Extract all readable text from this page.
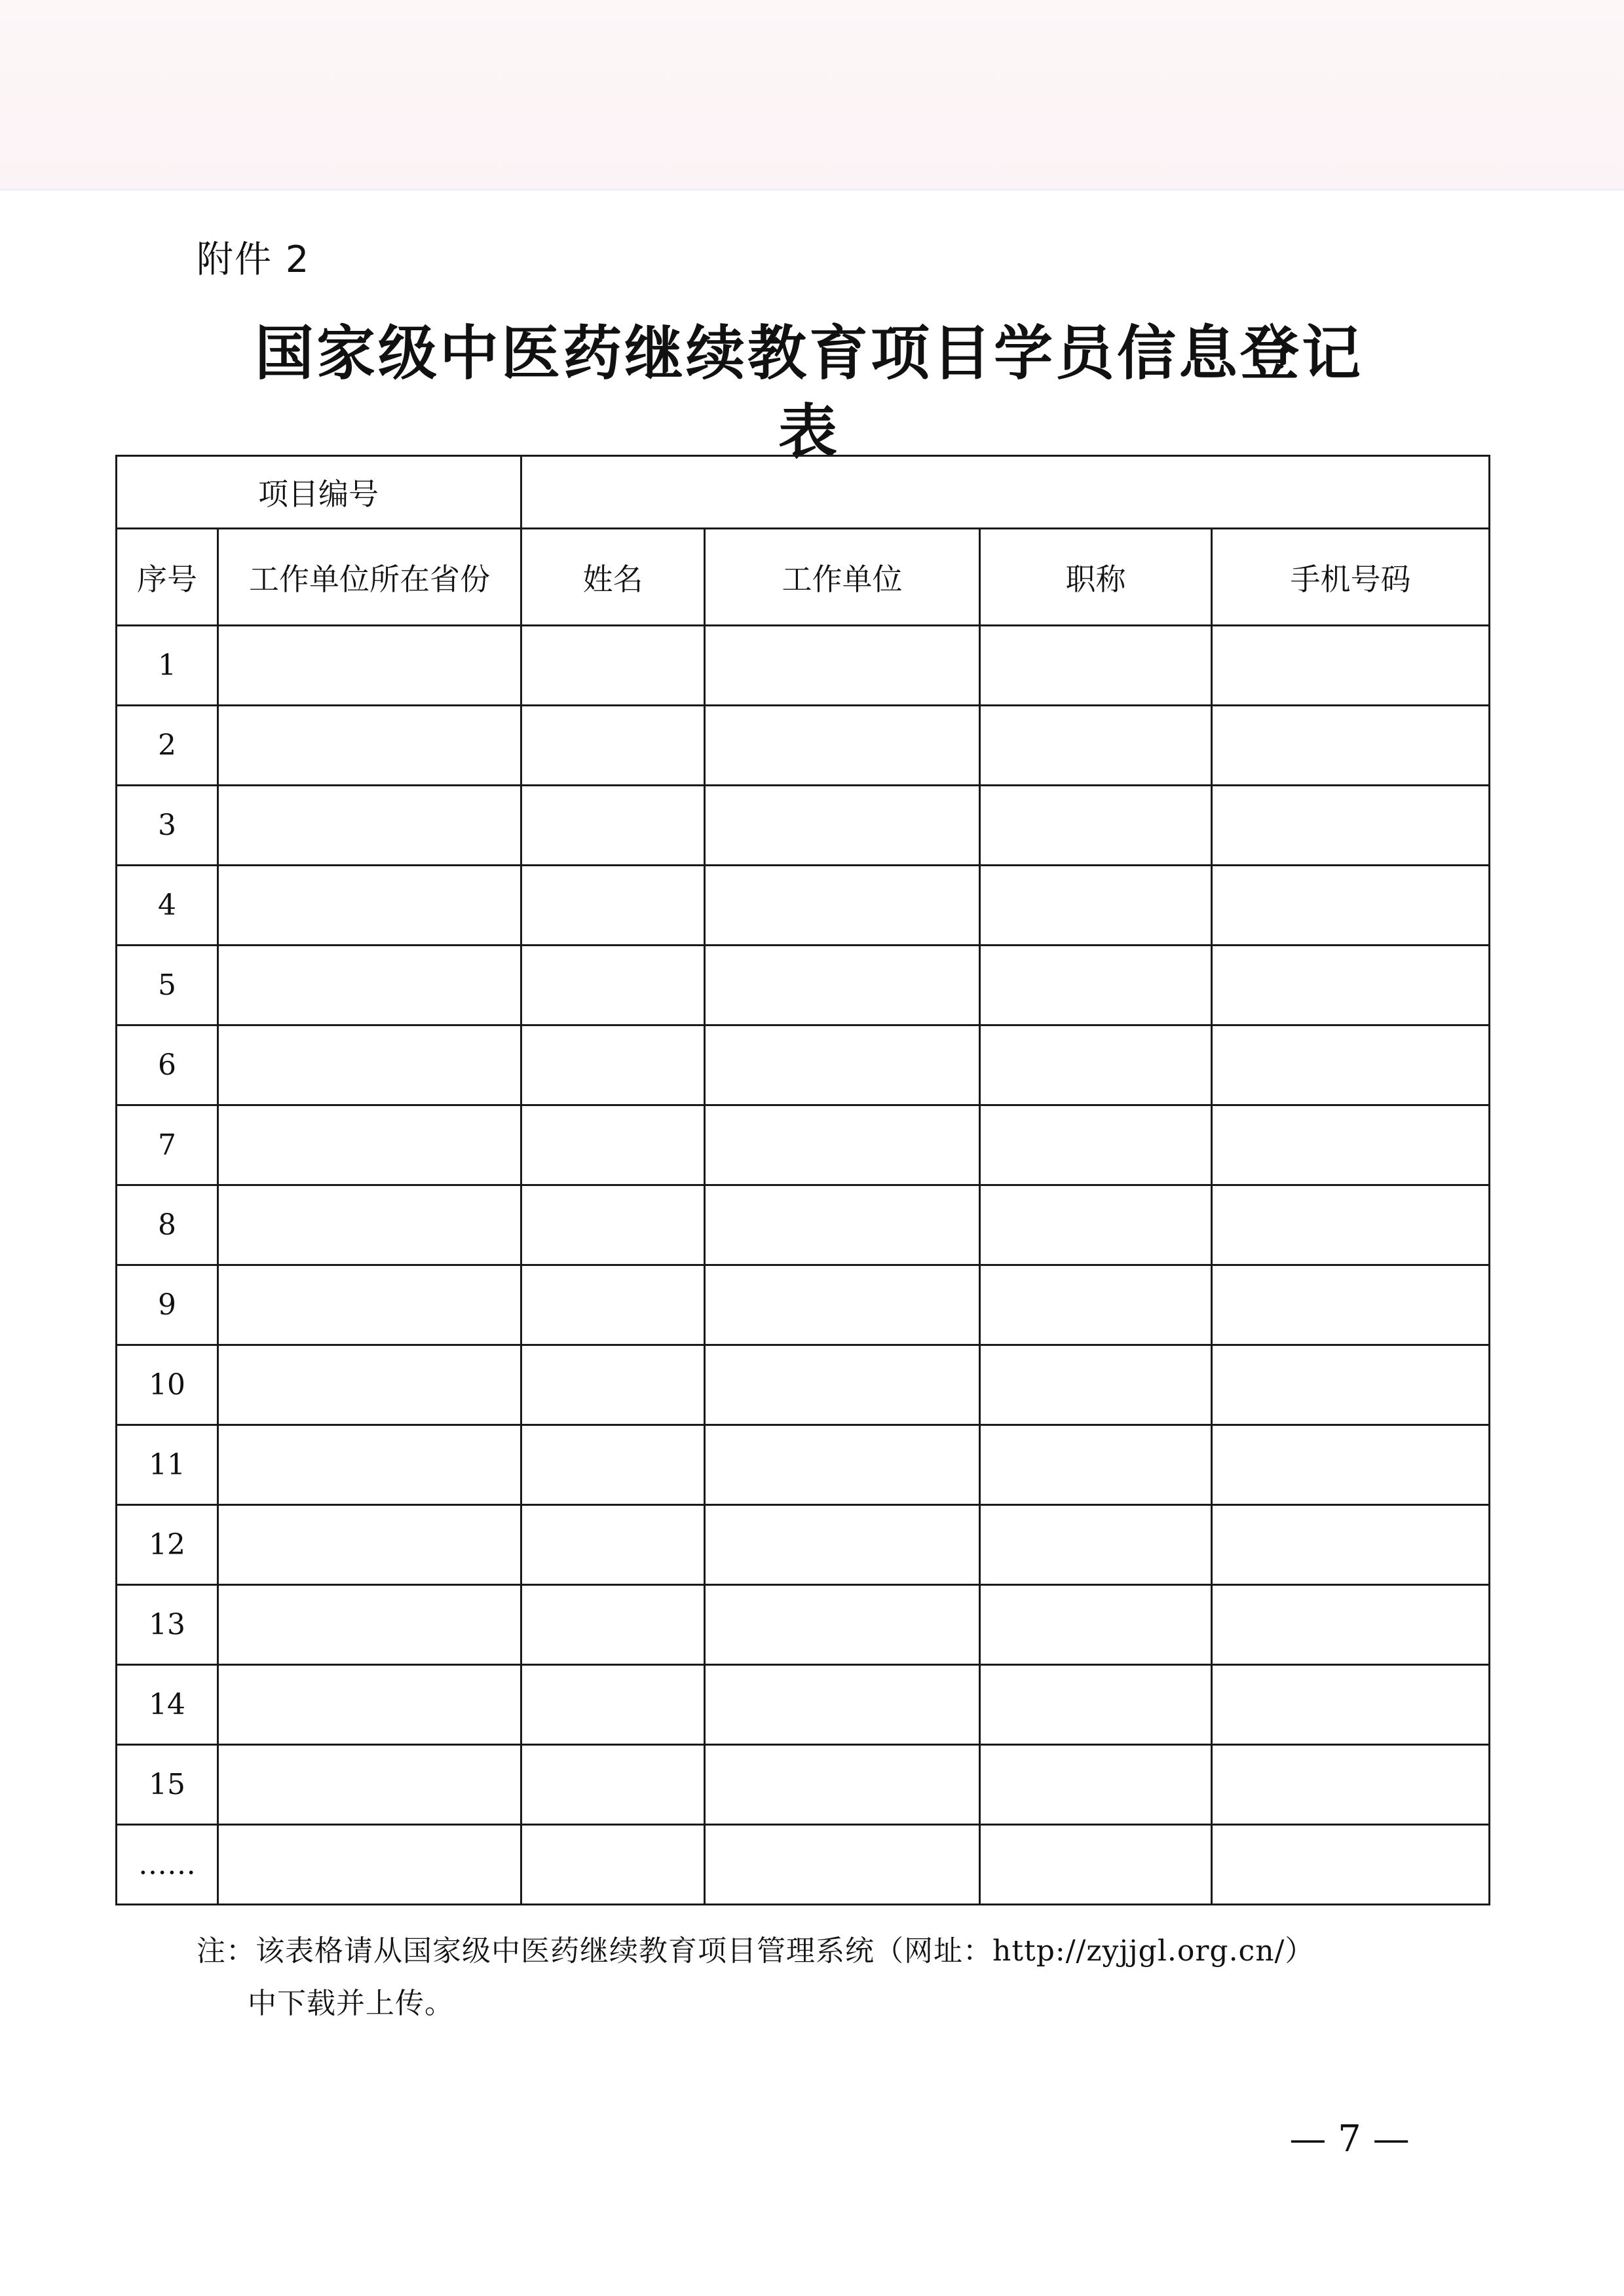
附件 2
国家级中医药继续教育项目学员信息登记表
项目编号					
序号	工作单位所在省份	姓名	工作单位	职称	手机号码
1					
2					
3					
4					
5					
6					
7					
8					
9					
10					
11					
12					
13					
14					
15					
……					
注：该表格请从国家级中医药继续教育项目管理系统（网址：http://zyjjgl.org.cn/）
中下载并上传。
— 7 —
